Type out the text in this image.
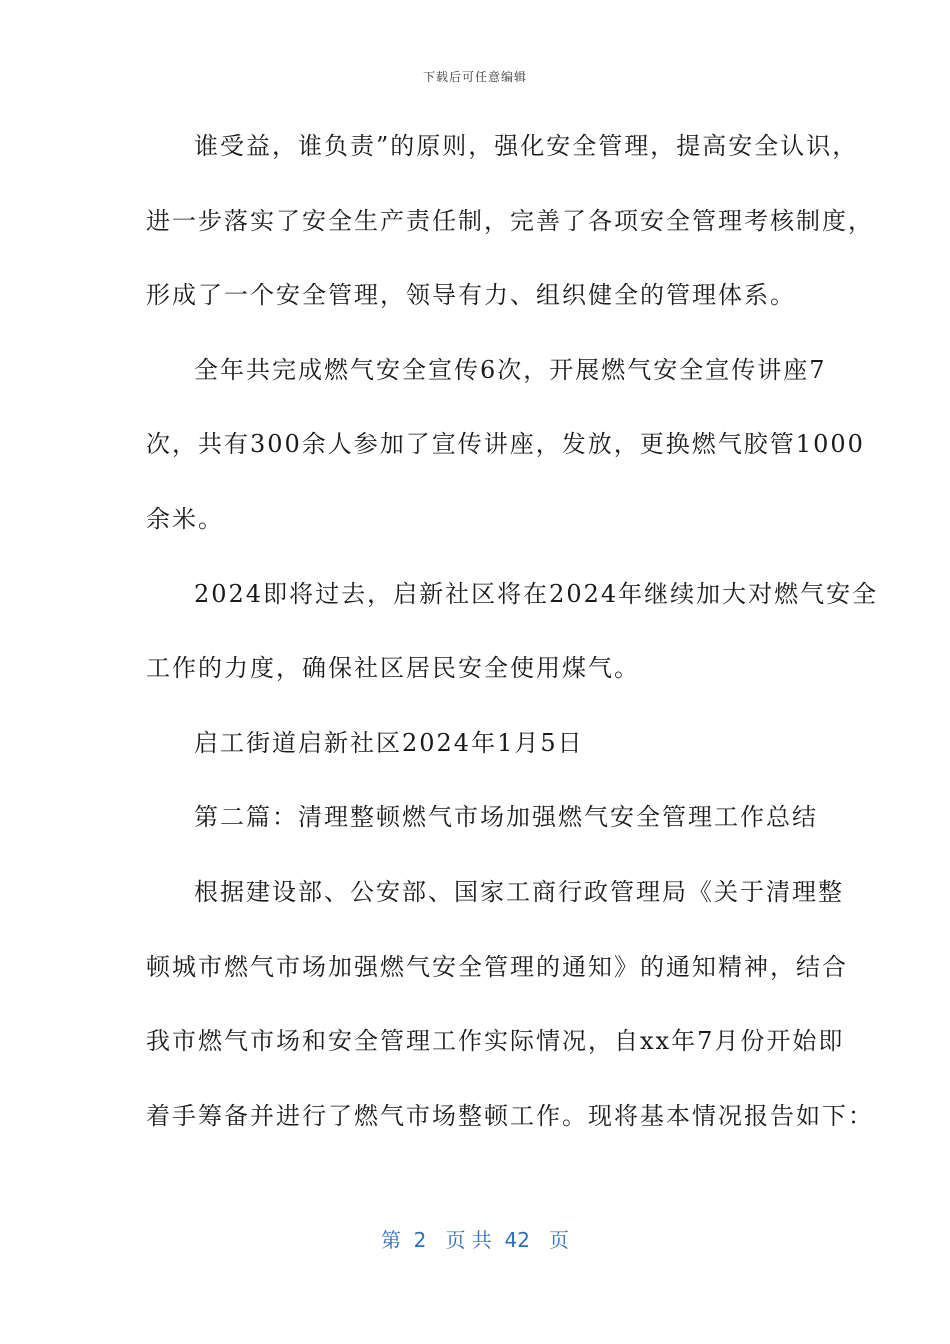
下载后可任意编辑
谁受益，谁负责”的原则，强化安全管理，提高安全认识，
进一步落实了安全生产责任制，完善了各项安全管理考核制度，
形成了一个安全管理，领导有力、组织健全的管理体系。
全年共完成燃气安全宣传6次，开展燃气安全宣传讲座7
次，共有300余人参加了宣传讲座，发放，更换燃气胶管1000
余米。
2024即将过去，启新社区将在2024年继续加大对燃气安全
工作的力度，确保社区居民安全使用煤气。
启工街道启新社区2024年1月5日
第二篇：清理整顿燃气市场加强燃气安全管理工作总结
根据建设部、公安部、国家工商行政管理局《关于清理整
顿城市燃气市场加强燃气安全管理的通知》的通知精神，结合
我市燃气市场和安全管理工作实际情况，自xx年7月份开始即
着手筹备并进行了燃气市场整顿工作。现将基本情况报告如下：
第  2   页 共  42   页
